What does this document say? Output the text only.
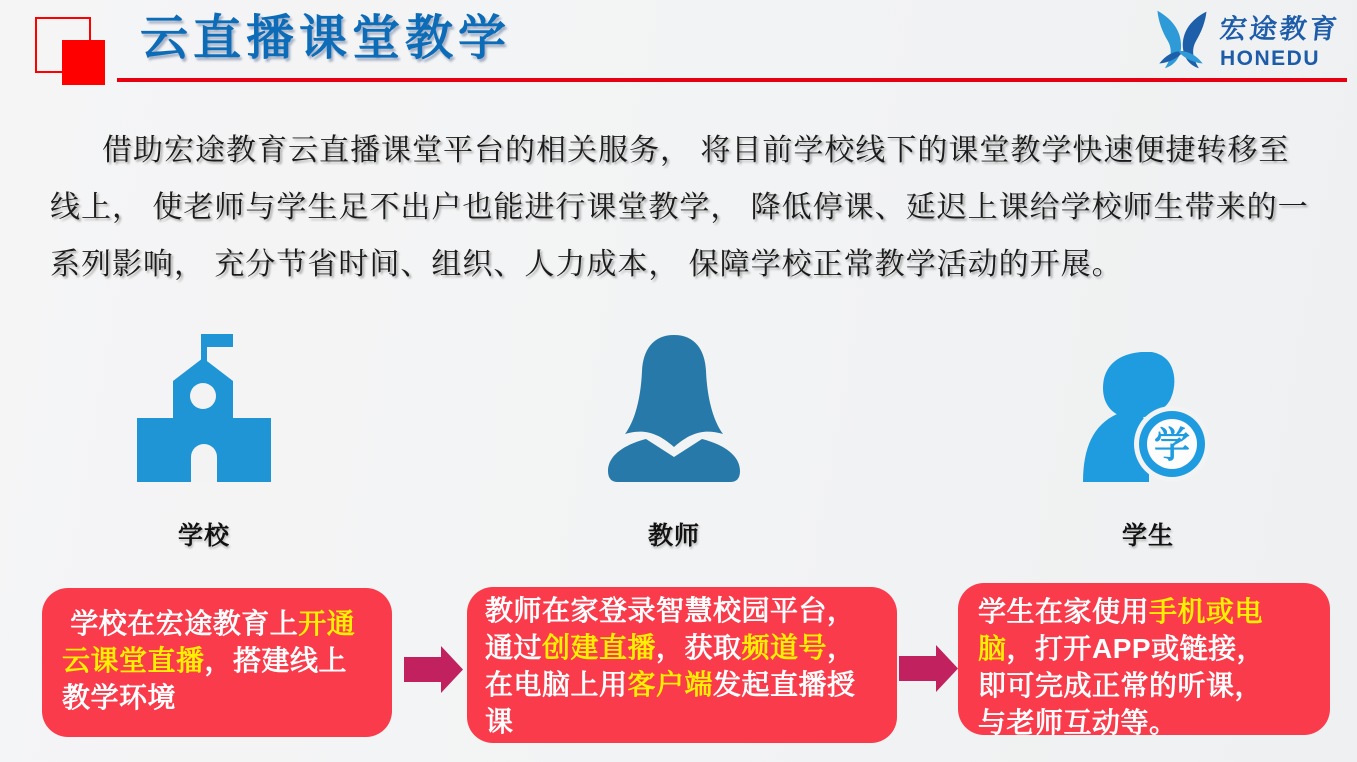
云直播课堂教学	宏途教育
HONEDU
借助宏途教育云直播课堂平台的相关服务， 将目前学校线下的课堂教学快速便捷转移至
线上， 使老师与学生足不出户也能进行课堂教学， 降低停课、延迟上课给学校师生带来的一
系列影响， 充分节省时间、组织、人力成本， 保障学校正常教学活动的开展。
学校	教师
学
学生
学校在宏途教育上开通
云课堂直播，搭建线上
教学环境
教师在家登录智慧校园平台，
通过创建直播，获取频道号，
在电脑上用客户端发起直播授
课
学生在家使用手机或电
脑，打开APP或链接，
即可完成正常的听课，
与老师互动等。
